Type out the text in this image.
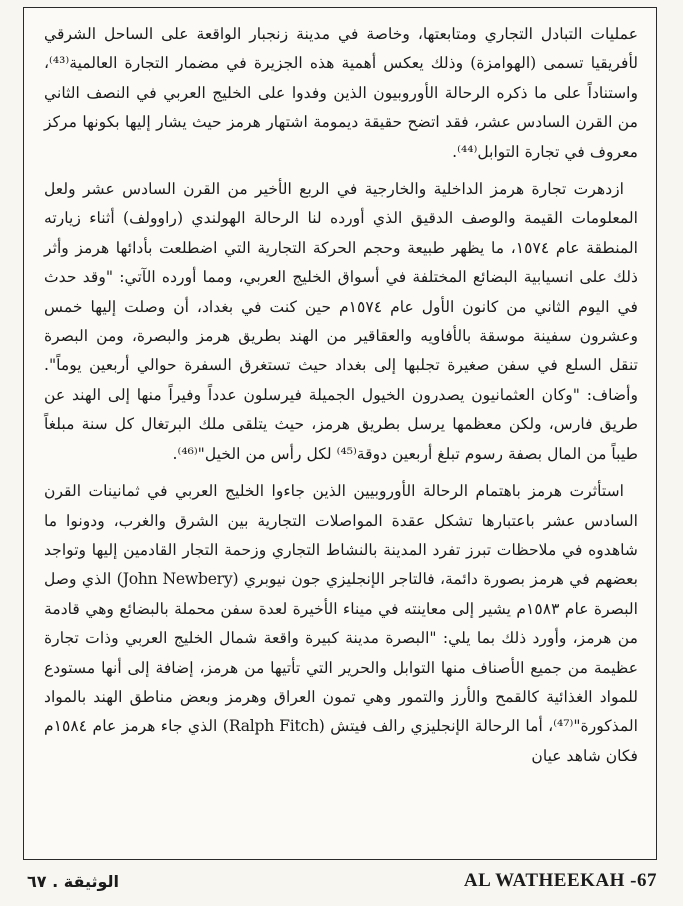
عمليات التبادل التجاري ومتابعتها، وخاصة في مدينة زنجبار الواقعة على الساحل الشرقي لأفريقيا تسمى (الهوامزة) وذلك يعكس أهمية هذه الجزيرة في مضمار التجارة العالمية⁽⁴³⁾، واستناداً على ما ذكره الرحالة الأوروبيون الذين وفدوا على الخليج العربي في النصف الثاني من القرن السادس عشر، فقد اتضح حقيقة ديمومة اشتهار هرمز حيث يشار إليها بكونها مركز معروف في تجارة التوابل⁽⁴⁴⁾.

ازدهرت تجارة هرمز الداخلية والخارجية في الربع الأخير من القرن السادس عشر ولعل المعلومات القيمة والوصف الدقيق الذي أورده لنا الرحالة الهولندي (راوولف) أثناء زيارته المنطقة عام ١٥٧٤، ما يظهر طبيعة وحجم الحركة التجارية التي اضطلعت بأدائها هرمز وأثر ذلك على انسيابية البضائع المختلفة في أسواق الخليج العربي، ومما أورده الآتي: "وقد حدث في اليوم الثاني من كانون الأول عام ١٥٧٤م حين كنت في بغداد، أن وصلت إليها خمس وعشرون سفينة موسقة بالأفاويه والعقاقير من الهند بطريق هرمز والبصرة، ومن البصرة تنقل السلع في سفن صغيرة تجلبها إلى بغداد حيث تستغرق السفرة حوالي أربعين يوماً". وأضاف: "وكان العثمانيون يصدرون الخيول الجميلة فيرسلون عدداً وفيراً منها إلى الهند عن طريق فارس، ولكن معظمها يرسل بطريق هرمز، حيث يتلقى ملك البرتغال كل سنة مبلغاً طيباً من المال بصفة رسوم تبلغ أربعين دوقة⁽⁴⁵⁾ لكل رأس من الخيل"⁽⁴⁶⁾.

استأثرت هرمز باهتمام الرحالة الأوروبيين الذين جاءوا الخليج العربي في ثمانينات القرن السادس عشر باعتبارها تشكل عقدة المواصلات التجارية بين الشرق والغرب، ودونوا ما شاهدوه في ملاحظات تبرز تفرد المدينة بالنشاط التجاري وزحمة التجار القادمين إليها وتواجد بعضهم في هرمز بصورة دائمة، فالتاجر الإنجليزي جون نيوبري (John Newbery) الذي وصل البصرة عام ١٥٨٣م يشير إلى معاينته في ميناء الأخيرة لعدة سفن محملة بالبضائع وهي قادمة من هرمز، وأورد ذلك بما يلي: "البصرة مدينة كبيرة واقعة شمال الخليج العربي وذات تجارة عظيمة من جميع الأصناف منها التوابل والحرير التي تأتيها من هرمز، إضافة إلى أنها مستودع للمواد الغذائية كالقمح والأرز والتمور وهي تمون العراق وهرمز وبعض مناطق الهند بالمواد المذكورة"⁽⁴⁷⁾، أما الرحالة الإنجليزي رالف فيتش (Ralph Fitch) الذي جاء هرمز عام ١٥٨٤م فكان شاهد عيان

الوثيقة . ٦٧	AL WATHEEKAH -67
